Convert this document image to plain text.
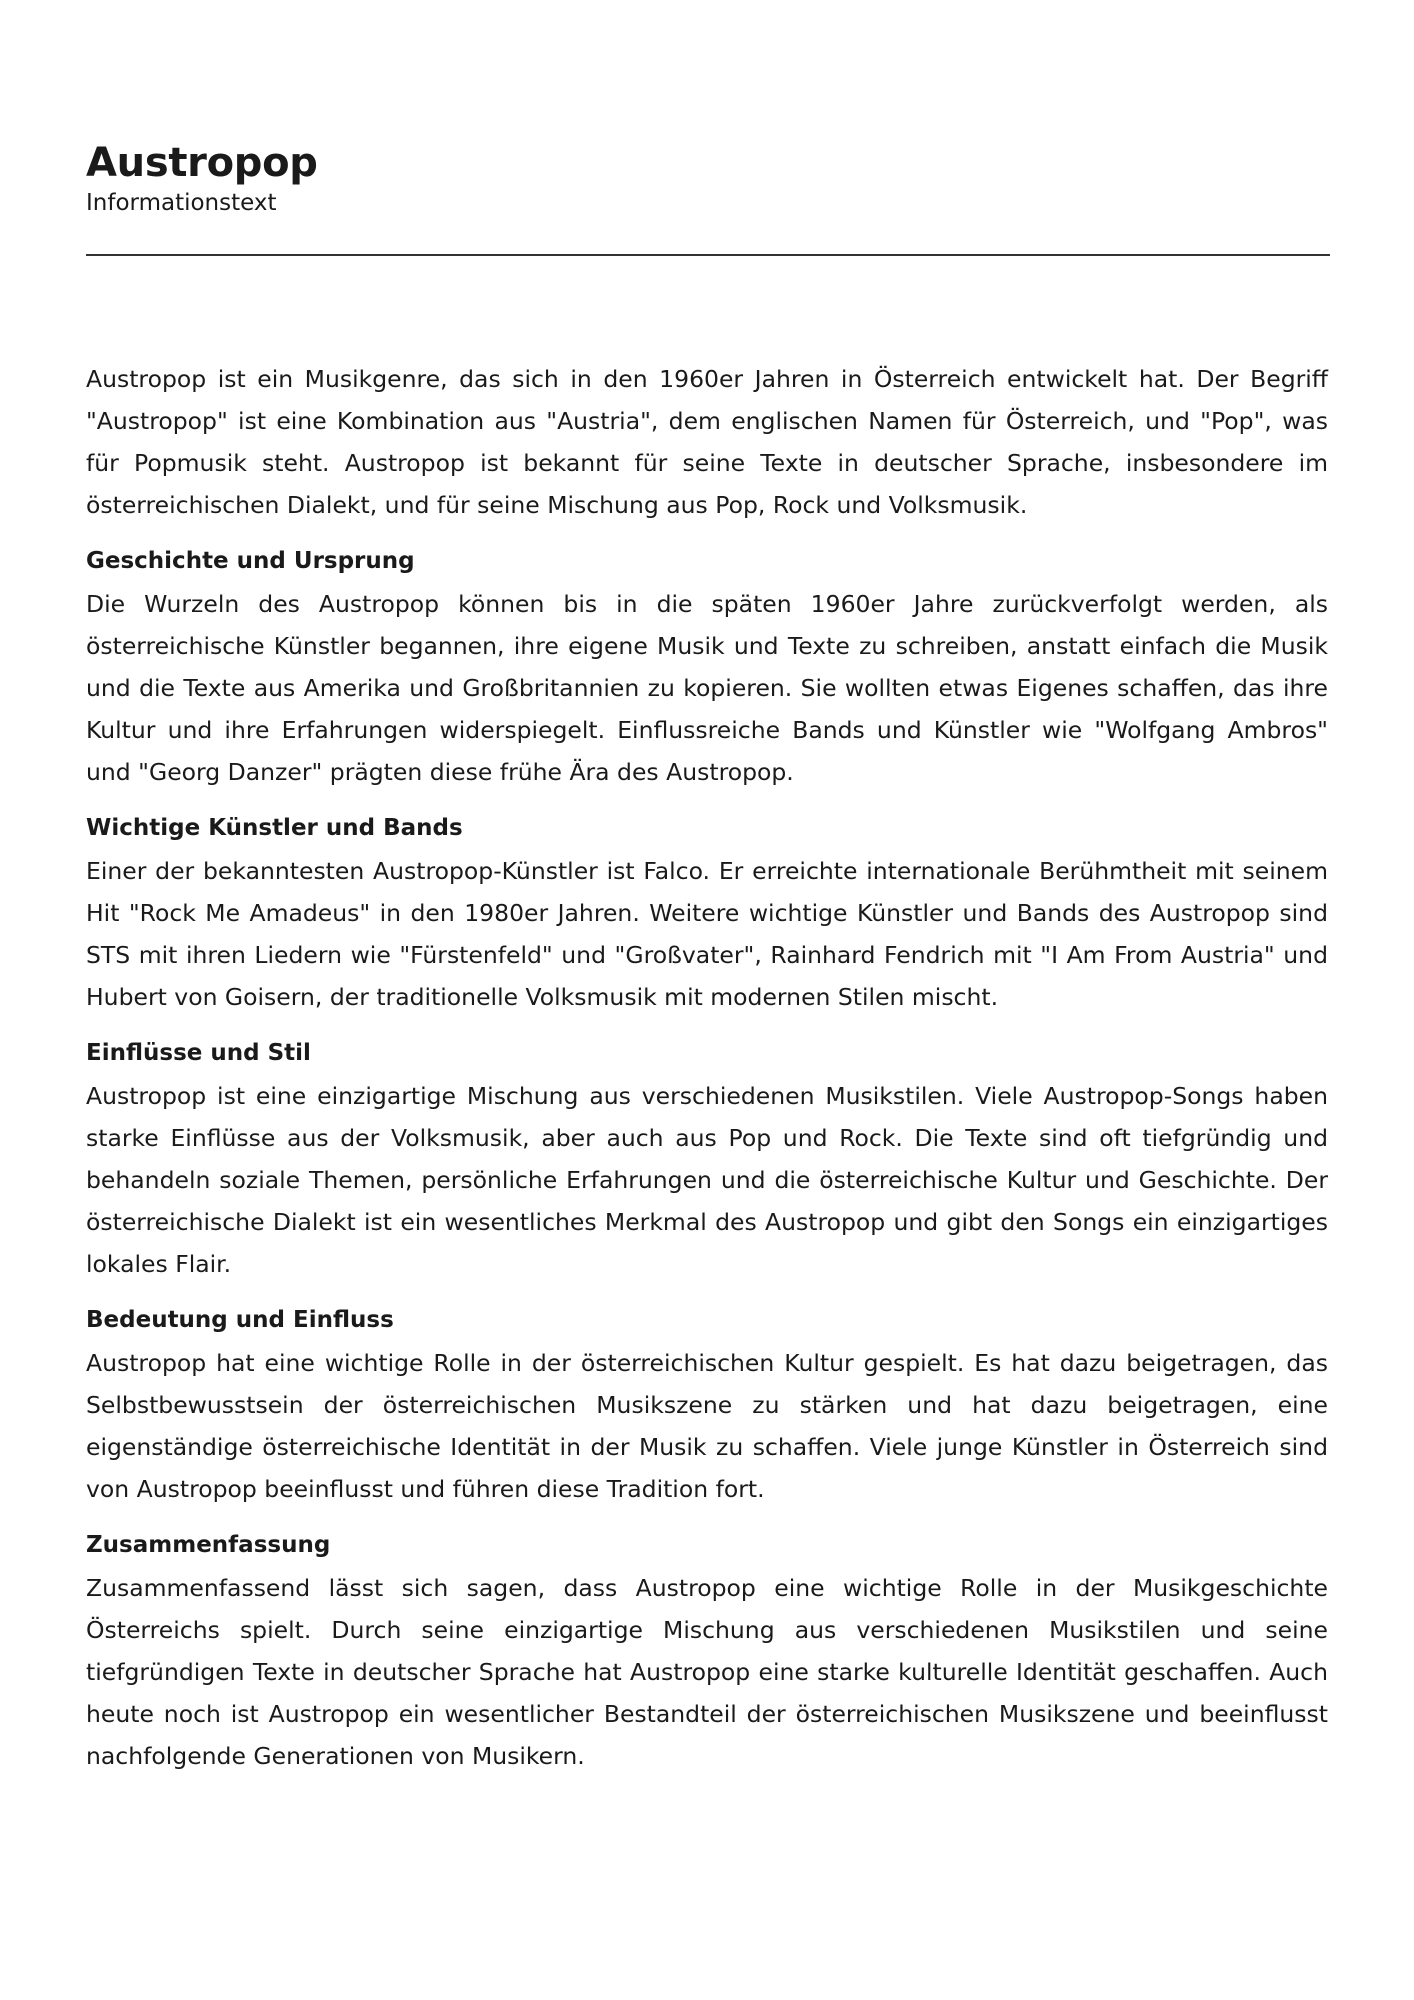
Austropop
Informationstext

Austropop ist ein Musikgenre, das sich in den 1960er Jahren in Österreich entwickelt hat. Der Begriff "Austropop" ist eine Kombination aus "Austria", dem englischen Namen für Österreich, und "Pop", was für Popmusik steht. Austropop ist bekannt für seine Texte in deutscher Sprache, insbesondere im österreichischen Dialekt, und für seine Mischung aus Pop, Rock und Volksmusik.

Geschichte und Ursprung

Die Wurzeln des Austropop können bis in die späten 1960er Jahre zurückverfolgt werden, als österreichische Künstler begannen, ihre eigene Musik und Texte zu schreiben, anstatt einfach die Musik und die Texte aus Amerika und Großbritannien zu kopieren. Sie wollten etwas Eigenes schaffen, das ihre Kultur und ihre Erfahrungen widerspiegelt. Einflussreiche Bands und Künstler wie "Wolfgang Ambros" und "Georg Danzer" prägten diese frühe Ära des Austropop.

Wichtige Künstler und Bands

Einer der bekanntesten Austropop-Künstler ist Falco. Er erreichte internationale Berühmtheit mit seinem Hit "Rock Me Amadeus" in den 1980er Jahren. Weitere wichtige Künstler und Bands des Austropop sind STS mit ihren Liedern wie "Fürstenfeld" und "Großvater", Rainhard Fendrich mit "I Am From Austria" und Hubert von Goisern, der traditionelle Volksmusik mit modernen Stilen mischt.

Einflüsse und Stil

Austropop ist eine einzigartige Mischung aus verschiedenen Musikstilen. Viele Austropop-Songs haben starke Einflüsse aus der Volksmusik, aber auch aus Pop und Rock. Die Texte sind oft tiefgründig und behandeln soziale Themen, persönliche Erfahrungen und die österreichische Kultur und Geschichte. Der österreichische Dialekt ist ein wesentliches Merkmal des Austropop und gibt den Songs ein einzigartiges lokales Flair.

Bedeutung und Einfluss

Austropop hat eine wichtige Rolle in der österreichischen Kultur gespielt. Es hat dazu beigetragen, das Selbstbewusstsein der österreichischen Musikszene zu stärken und hat dazu beigetragen, eine eigenständige österreichische Identität in der Musik zu schaffen. Viele junge Künstler in Österreich sind von Austropop beeinflusst und führen diese Tradition fort.

Zusammenfassung

Zusammenfassend lässt sich sagen, dass Austropop eine wichtige Rolle in der Musikgeschichte Österreichs spielt. Durch seine einzigartige Mischung aus verschiedenen Musikstilen und seine tiefgründigen Texte in deutscher Sprache hat Austropop eine starke kulturelle Identität geschaffen. Auch heute noch ist Austropop ein wesentlicher Bestandteil der österreichischen Musikszene und beeinflusst nachfolgende Generationen von Musikern.
